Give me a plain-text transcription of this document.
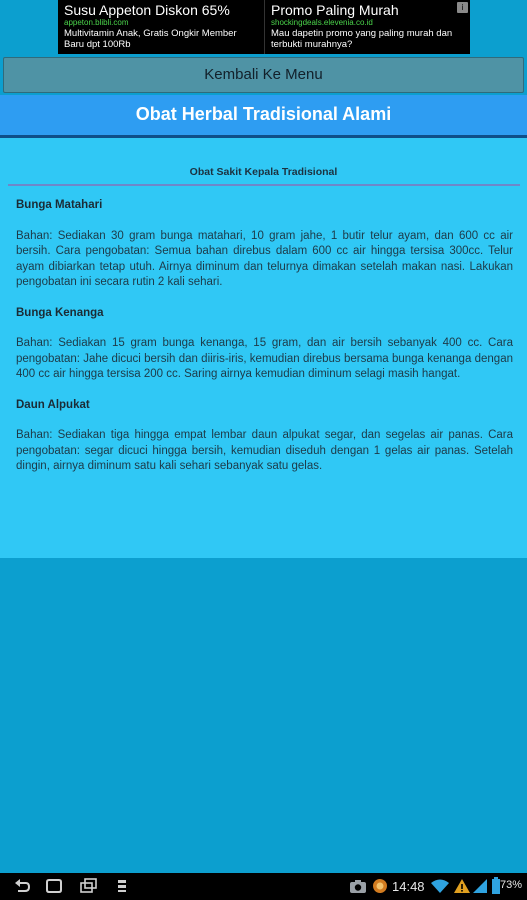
Susu Appeton Diskon 65%
appeton.blibli.com
Multivitamin Anak, Gratis Ongkir Member Baru dpt 100Rb
Promo Paling Murah
shockingdeals.elevenia.co.id
Mau dapetin promo yang paling murah dan terbukti murahnya?
i
Kembali Ke Menu
Obat Herbal Tradisional Alami
Obat Sakit Kepala Tradisional

Bunga Matahari

Bahan: Sediakan 30 gram bunga matahari, 10 gram jahe, 1 butir telur ayam, dan 600 cc air bersih. Cara pengobatan: Semua bahan direbus dalam 600 cc air hingga tersisa 300cc. Telur ayam dibiarkan tetap utuh. Airnya diminum dan telurnya dimakan setelah makan nasi. Lakukan pengobatan ini secara rutin 2 kali sehari.

Bunga Kenanga

Bahan: Sediakan 15 gram bunga kenanga, 15 gram, dan air bersih sebanyak 400 cc. Cara pengobatan: Jahe dicuci bersih dan diiris-iris, kemudian direbus bersama bunga kenanga dengan 400 cc air hingga tersisa 200 cc. Saring airnya kemudian diminum selagi masih hangat.

Daun Alpukat

Bahan: Sediakan tiga hingga empat lembar daun alpukat segar, dan segelas air panas. Cara pengobatan: segar dicuci hingga bersih, kemudian diseduh dengan 1 gelas air panas. Setelah dingin, airnya diminum satu kali sehari sebanyak satu gelas.

14:48	73%
